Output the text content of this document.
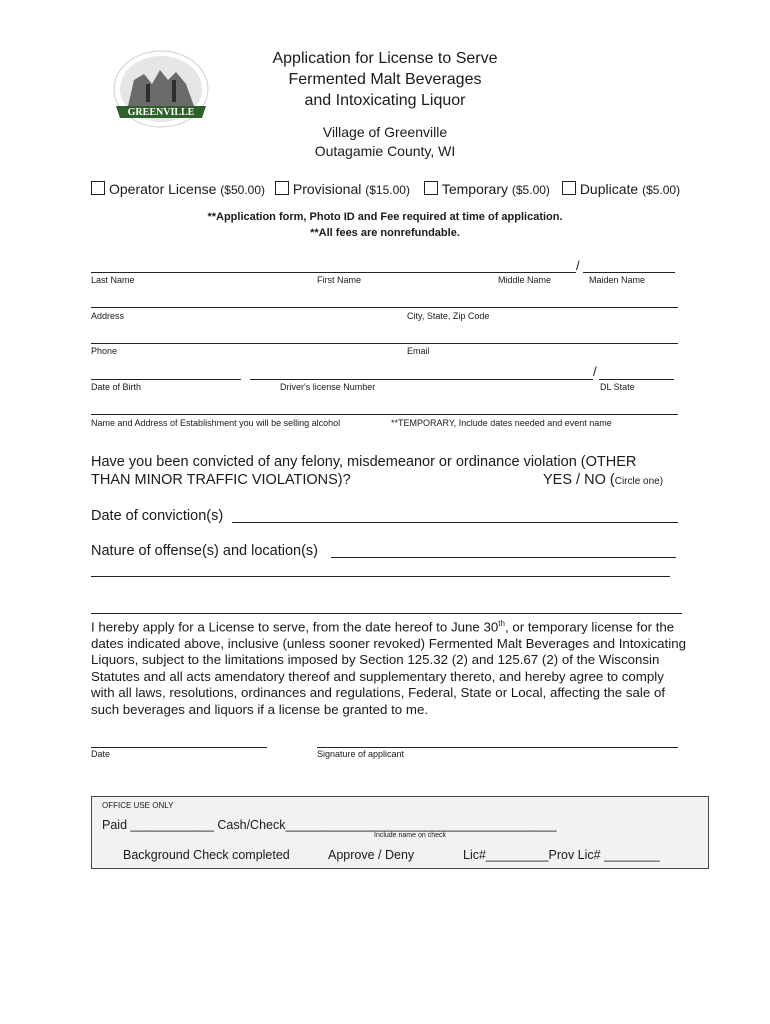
GREENVILLE
Application for License to Serve
Fermented Malt Beverages
and Intoxicating Liquor
Village of Greenville
Outagamie County, WI
Operator License ($50.00) Provisional ($15.00) Temporary ($5.00) Duplicate ($5.00)
**Application form, Photo ID and Fee required at time of application.
**All fees are nonrefundable.
/
Last Name	First Name	Middle Name	Maiden Name
Address	City, State, Zip Code
Phone	Email
/
Date of Birth	Driver's license Number	DL State
Name and Address of Establishment you will be selling alcohol	**TEMPORARY, Include dates needed and event name
Have you been convicted of any felony, misdemeanor or ordinance violation (OTHER
THAN MINOR TRAFFIC VIOLATIONS)?	YES / NO (Circle one)
Date of conviction(s)
Nature of offense(s) and location(s)
I hereby apply for a License to serve, from the date hereof to June 30th, or temporary license for the dates indicated above, inclusive (unless sooner revoked) Fermented Malt Beverages and Intoxicating Liquors, subject to the limitations imposed by Section 125.32 (2) and 125.67 (2) of the Wisconsin Statutes and all acts amendatory thereof and supplementary thereto, and hereby agree to comply with all laws, resolutions, ordinances and regulations, Federal, State or Local, affecting the sale of such beverages and liquors if a license be granted to me.
Date	Signature of applicant
OFFICE USE ONLY
Paid ____________ Cash/Check_______________________________________
Include name on check
Background Check completed	Approve / Deny	Lic#_________Prov Lic# ________
